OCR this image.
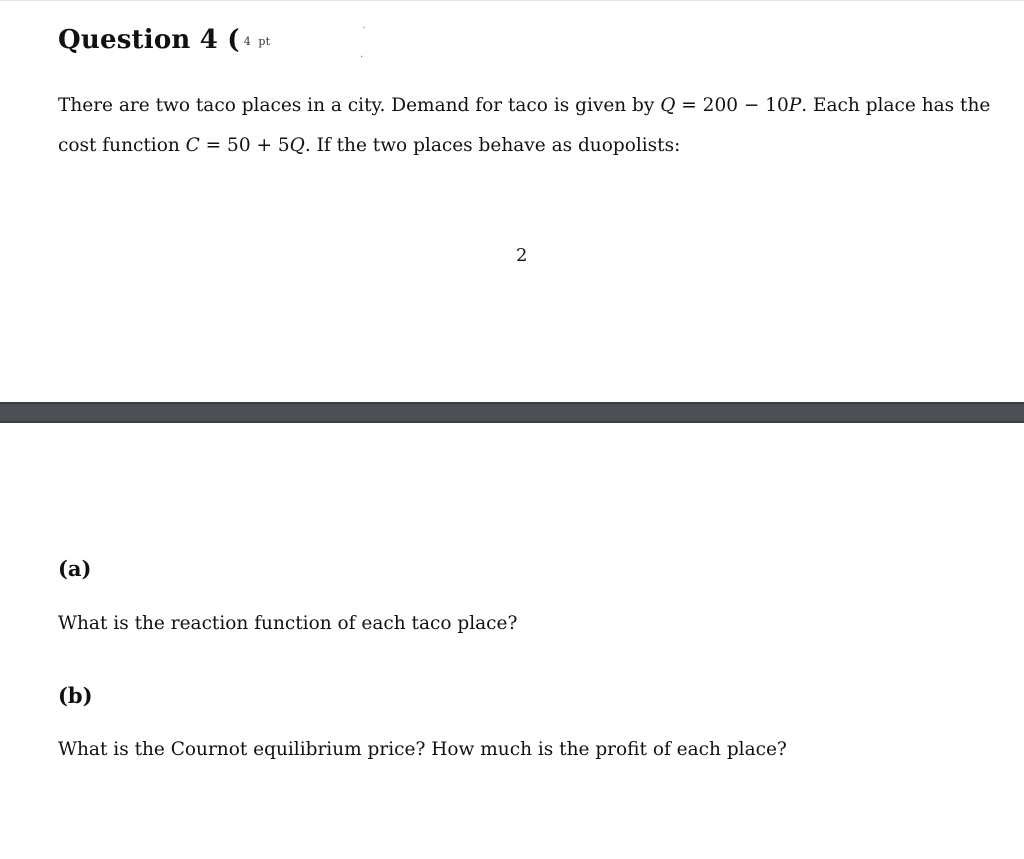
Question 4 ( 4  pt
`
.
There are two taco places in a city. Demand for taco is given by Q = 200 − 10P. Each place has the
cost function C = 50 + 5Q. If the two places behave as duopolists:
2
(a)
What is the reaction function of each taco place?
(b)
What is the Cournot equilibrium price? How much is the profit of each place?
